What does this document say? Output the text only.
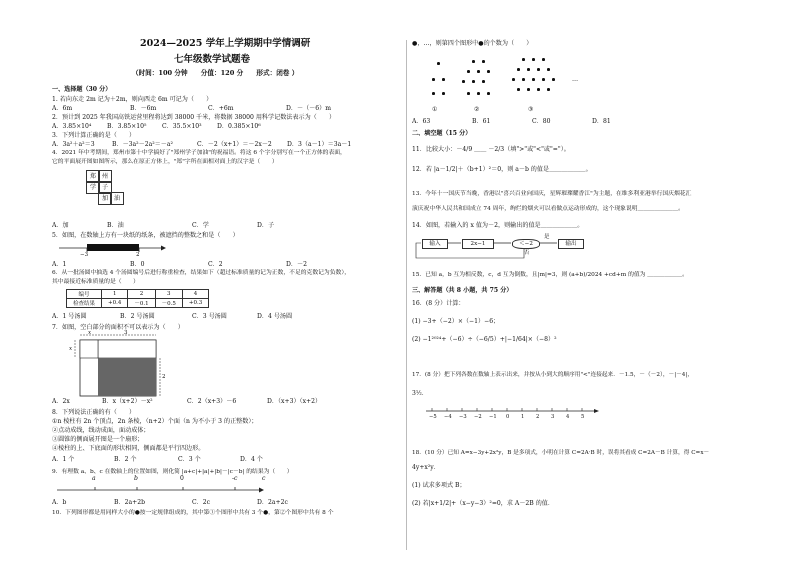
2024—2025 学年上学期期中学情调研
七年级数学试题卷
（时间：100 分钟　　分值：120 分　　形式：闭卷 ）
一、选择题（30 分）
1. 若向东走 2m 记为＋2m，则向西走 6m 可记为（　　）
A．6m	B．－6m	C．+6m	D．－（－6）m
2．预计到 2025 年我国高铁运营里程将达到 38000 千米，将数据 38000 用科学记数法表示为（　　）
A．3.85×10⁴	B．3.85×10⁵	C．35.5×10³	D．0.385×10⁶
3．下列计算正确的是（　　）
A．3a²＋a²＝3	B．－3a²－2a²＝－a²	C．－2（x+1）＝－2x－2 D．3（a－1）＝3a－1
4．2021 年中考期间，郑州市第十中学搞好了"郑州学子加油"的祝福语。将这 6 个字分别写在一个正方体的表面，
它的平面展开图如图所示，那么在原正方体上，"郑"字所在面相对面上的汉字是（　　）
郑 州
学 子
加 油
A．加	B．油	C．学	D．子
5．如图，在数轴上方有一块纸的纸条，被遮挡的整数之和是（　　）
−3	2
A．1	B．0	C．2	D．－2
6．从一批汤圆中抽选 4 个汤圆编号后进行称重检查，结果如下（超过标准质量的记为正数，不足的克数记为负数），
其中最接近标准质量的是（　　）
编号	1	2	3	4
检查结果	+0.4	－0.1	－0.5	+0.3
A．1 号汤圆	B．2 号汤圆	C．3 号汤圆	D．4 号汤圆
7．如图，空白部分的面积不可以表示为（　　）
x	3
x
2
A．2x	B．x（x+2）－x²	C．2（x+3）－6	D．（x+3）（x+2）
8．下列说法正确的有（　　）
①n 棱柱有 2n 个顶点，2n 条棱，（n+2）个面（n 为不小于 3 的正整数）；
②点动成线，线动成面，面动成体；
③圆锥的侧面展开图是一个扇形；
④棱柱的上、下底面的形状相同，侧面都是平行四边形。
A．1 个	B．2 个	C．3 个	D．4 个
9．有理数 a、b、c 在数轴上的位置如图，则化简 |a+c|+|a|+|b|－|c－b| 的结果为（　　）
a	b	0	-c	c
A．b	B．2a+2b	C．2c	D．2a+2c
10．下列图形都是用同样大小的●按一定规律组成的，其中第①个图形中共有 3 个●，第②个图形中共有 8 个
●，…，则第四个图形中●的个数为（　　）
…
①	②	③
A．63	B．61	C．80	D．81
二、填空题（15 分）
11．比较大小：－4/9 ＿＿ －2/3（填">"或"<"或"="）。
12．若 |a－1/2|＋（b+1）²＝0，则 a－b 的值是＿＿＿＿＿＿。
13．今年十一国庆节当晚，香港以"喜兴百业向国庆，星辉璀璨耀香江"为主题，在维多利亚港举行国庆烟花汇
演庆祝中华人民共和国成立 74 周年，绚烂的烟火可以看做点运动形成的，这个现象说明＿＿＿＿＿＿＿。
14．如图，若输入的 x 值为－2，则输出的值是＿＿＿＿＿＿。
输入	2x−1	＜−2
是
否
输出
15．已知 a，b 互为相反数，c，d 互为倒数，且|m|=3，则 (a+b)/2024 +cd+m 的值为 ＿＿＿＿＿＿。
三、解答题（共 8 小题，共 75 分）
16．(8 分）计算：
(1) −3+（−2）×（−1）−6；
(2) −1²⁰²⁴+（−6）÷（−6/5）+|−1/64|×（−8）²
17．(8 分）把下列各数在数轴上表示出来，并按从小到大的顺序用"<"连接起来．－1.5，－（－2），－|－4|，
3½．
−5 −4 −3 −2 −1 0 1 2 3 4 5
18．(10 分）已知 A=x−3y+2x²y，B 是多项式，小明在计算 C=2A·B 时，误将其看成 C=2A－B 计算，得 C=x－
4y+x²y．
(1) 试求多项式 B；
(2) 若|x+1/2|+（x−y−3）²=0，求 A－2B 的值．
